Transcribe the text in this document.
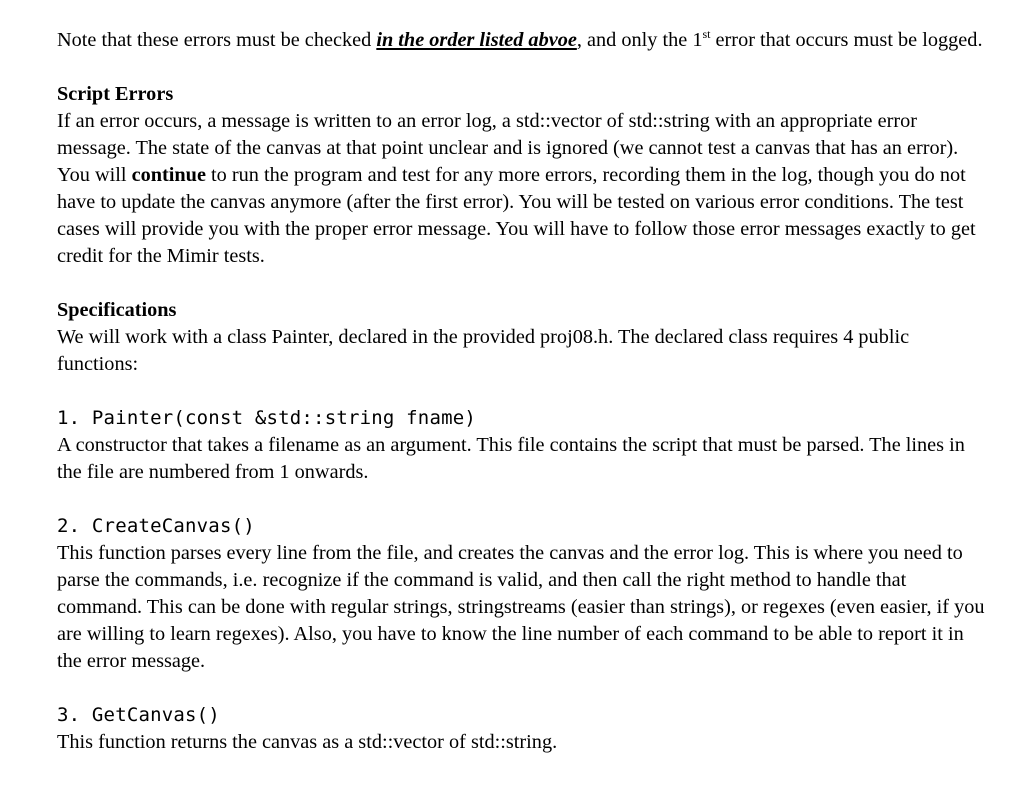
Note that these errors must be checked in the order listed abvoe, and only the 1st error that occurs must be logged.

Script Errors

If an error occurs, a message is written to an error log, a std::vector of std::string with an appropriate error message. The state of the canvas at that point unclear and is ignored (we cannot test a canvas that has an error). You will continue to run the program and test for any more errors, recording them in the log, though you do not have to update the canvas anymore (after the first error). You will be tested on various error conditions. The test cases will provide you with the proper error message. You will have to follow those error messages exactly to get credit for the Mimir tests.

Specifications

We will work with a class Painter, declared in the provided proj08.h. The declared class requires 4 public functions:

1. Painter(const &std::string fname)

A constructor that takes a filename as an argument. This file contains the script that must be parsed. The lines in the file are numbered from 1 onwards.

2. CreateCanvas()

This function parses every line from the file, and creates the canvas and the error log. This is where you need to parse the commands, i.e. recognize if the command is valid, and then call the right method to handle that command. This can be done with regular strings, stringstreams (easier than strings), or regexes (even easier, if you are willing to learn regexes). Also, you have to know the line number of each command to be able to report it in the error message.

3. GetCanvas()

This function returns the canvas as a std::vector of std::string.
